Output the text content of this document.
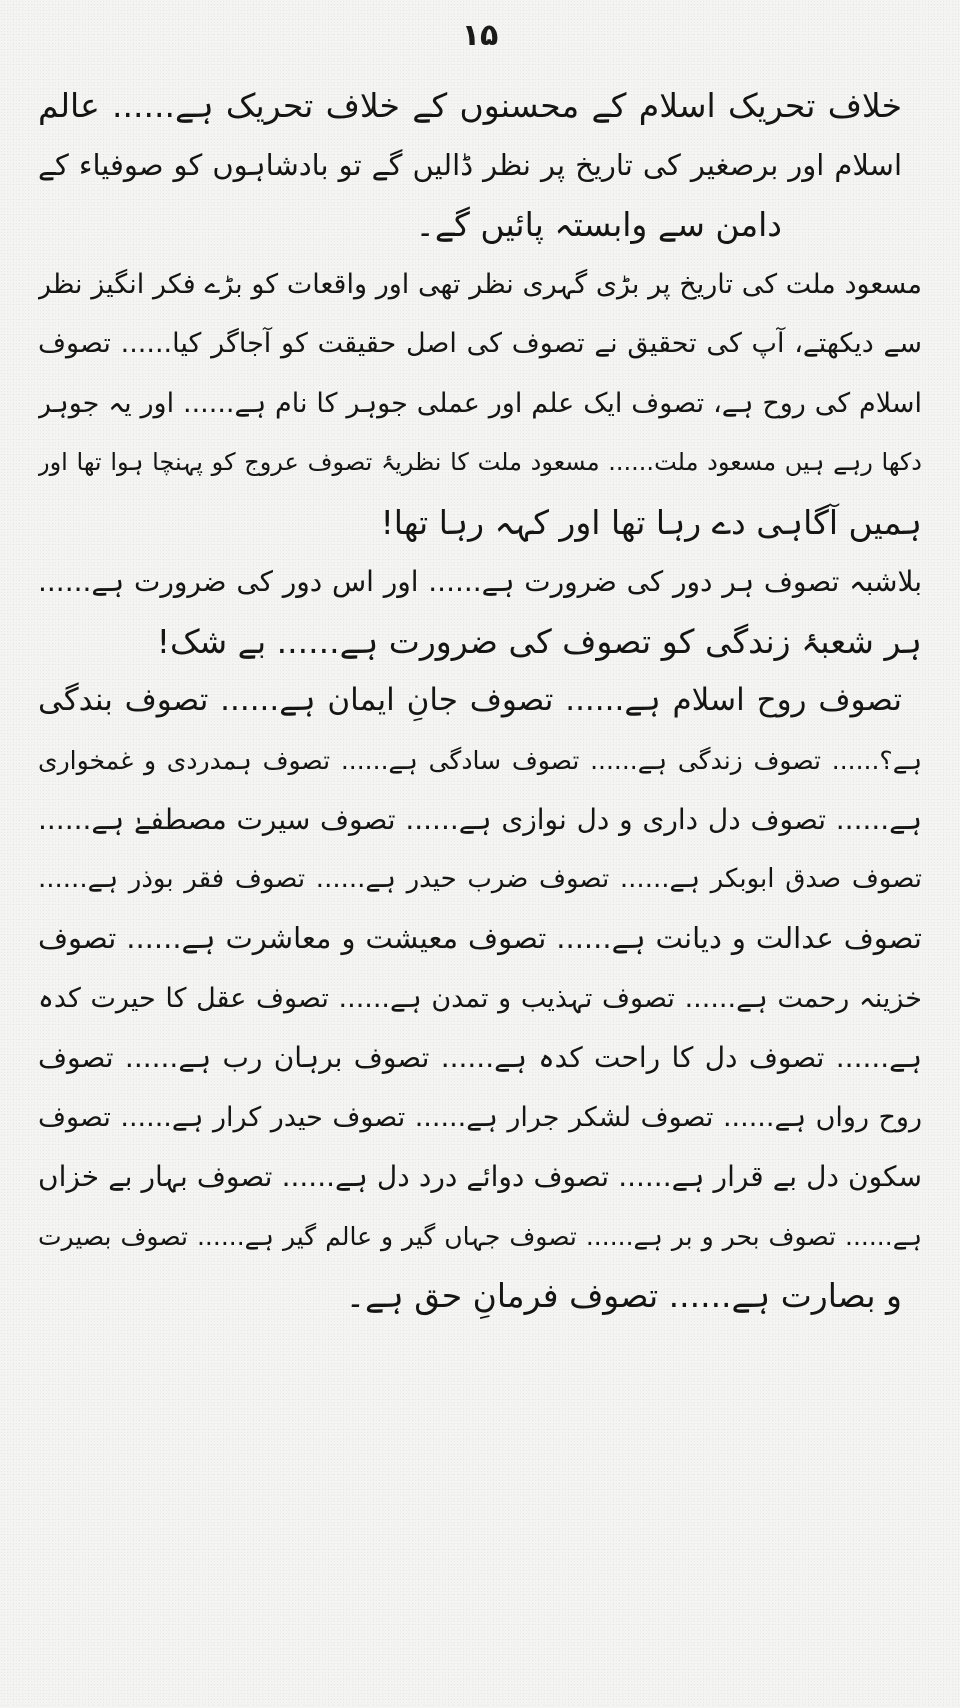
۱۵
خلاف تحریک اسلام کے محسنوں کے خلاف تحریک ہے...... عالم
اسلام اور برصغیر کی تاریخ پر نظر ڈالیں گے تو بادشاہوں کو صوفیاء کے
دامن سے وابستہ پائیں گے۔
مسعود ملت کی تاریخ پر بڑی گہری نظر تھی اور واقعات کو بڑے فکر انگیز نظر
سے دیکھتے، آپ کی تحقیق نے تصوف کی اصل حقیقت کو آجاگر کیا...... تصوف
اسلام کی روح ہے، تصوف ایک علم اور عملی جوہر کا نام ہے...... اور یہ جوہر
دکھا رہے ہیں مسعود ملت...... مسعود ملت کا نظریۂ تصوف عروج کو پہنچا ہوا تھا اور
ہمیں آگاہی دے رہا تھا اور کہہ رہا تھا!
بلاشبہ تصوف ہر دور کی ضرورت ہے...... اور اس دور کی ضرورت ہے......
ہر شعبۂ زندگی کو تصوف کی ضرورت ہے...... بے شک!
تصوف روح اسلام ہے...... تصوف جانِ ایمان ہے...... تصوف بندگی
ہے؟...... تصوف زندگی ہے...... تصوف سادگی ہے...... تصوف ہمدردی و غمخواری
ہے...... تصوف دل داری و دل نوازی ہے...... تصوف سیرت مصطفےٰ ہے......
تصوف صدق ابوبکر ہے...... تصوف ضرب حیدر ہے...... تصوف فقر بوذر ہے......
تصوف عدالت و دیانت ہے...... تصوف معیشت و معاشرت ہے...... تصوف
خزینہ رحمت ہے...... تصوف تہذیب و تمدن ہے...... تصوف عقل کا حیرت کدہ
ہے...... تصوف دل کا راحت کدہ ہے...... تصوف برہان رب ہے...... تصوف
روح رواں ہے...... تصوف لشکر جرار ہے...... تصوف حیدر کرار ہے...... تصوف
سکون دل بے قرار ہے...... تصوف دوائے درد دل ہے...... تصوف بہار بے خزاں
ہے...... تصوف بحر و بر ہے...... تصوف جہاں گیر و عالم گیر ہے...... تصوف بصیرت
و بصارت ہے...... تصوف فرمانِ حق ہے۔
